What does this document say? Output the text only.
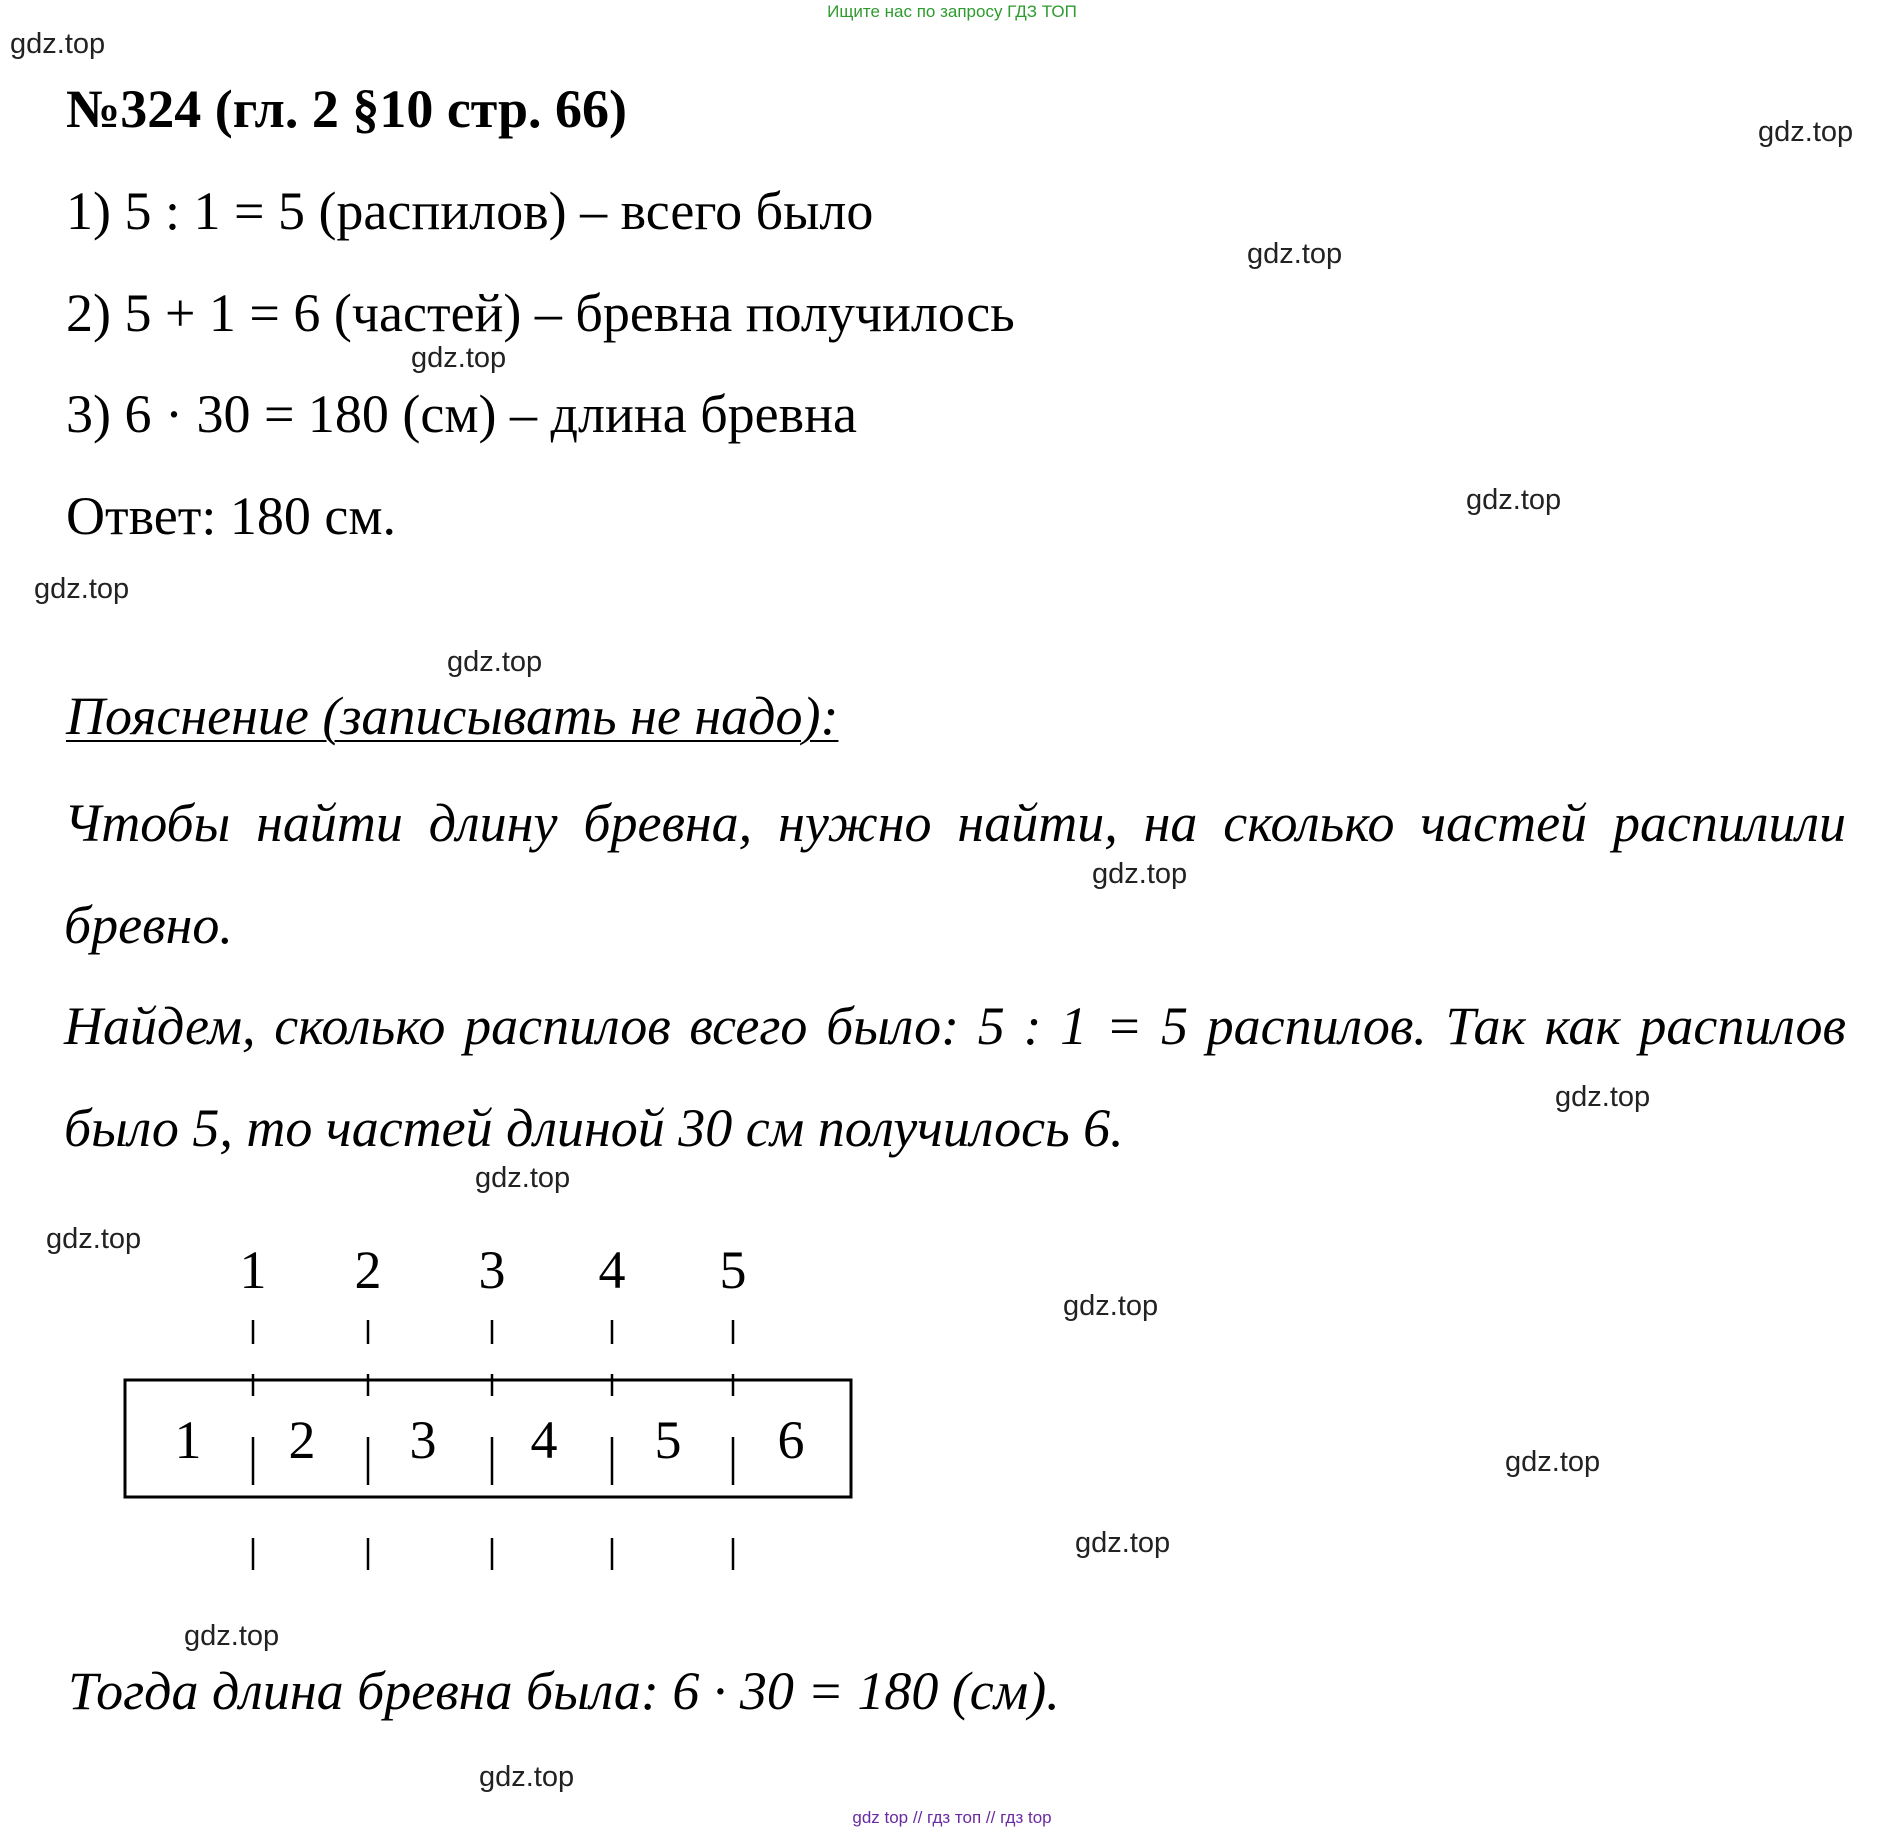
Ищите нас по запросу ГДЗ ТОП
gdz.top
gdz.top
gdz.top
gdz.top
gdz.top
gdz.top
gdz.top
gdz.top
gdz.top
gdz.top
gdz.top
gdz.top
gdz.top
gdz.top
gdz.top
gdz.top
№324 (гл. 2 §10 стр. 66)
1) 5 : 1 = 5 (распилов) – всего было
2) 5 + 1 = 6 (частей) – бревна получилось
3) 6 · 30 = 180 (см) – длина бревна
Ответ: 180 см.
Пояснение (записывать не надо):
Чтобы найти длину бревна, нужно найти, на сколько частей распилили бревно.
Найдем, сколько распилов всего было: 5 : 1 = 5 распилов. Так как распилов было 5, то частей длиной 30 см получилось 6.
1 2 3 4 5
1 2 3 4 5 6
Тогда длина бревна была: 6 · 30 = 180 (см).
gdz top // гдз топ // гдз top
